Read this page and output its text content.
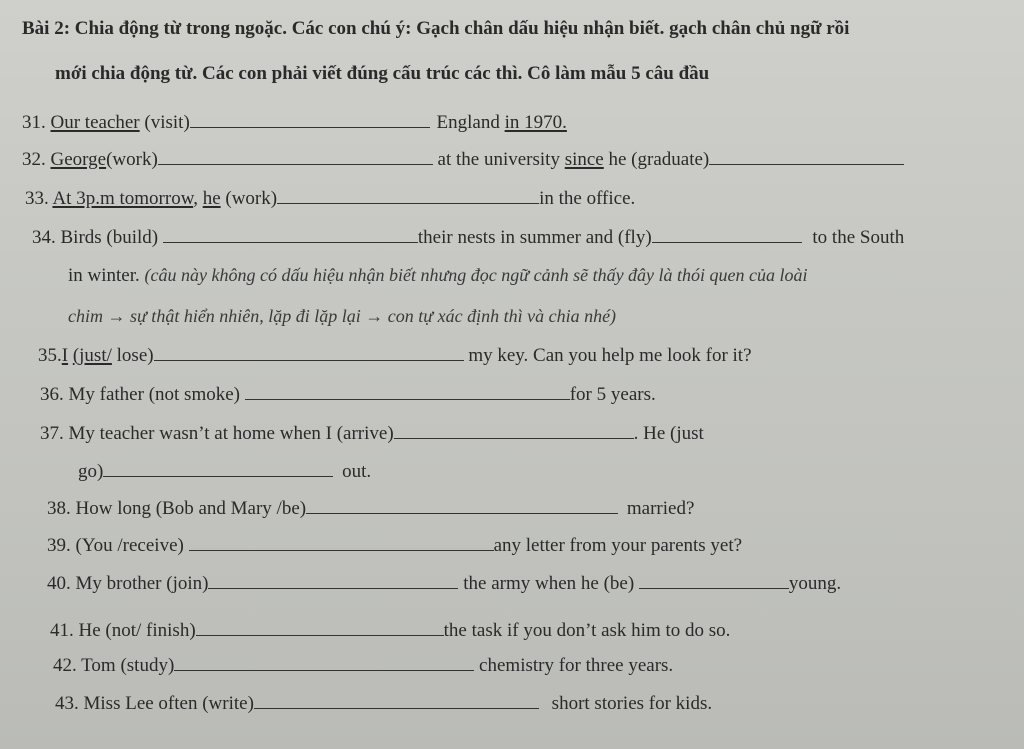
Bài 2: Chia động từ trong ngoặc. Các con chú ý: Gạch chân dấu hiệu nhận biết. gạch chân chủ ngữ rồi
mới chia động từ. Các con phải viết đúng cấu trúc các thì. Cô làm mẫu 5 câu đầu
31. Our teacher (visit)	England in 1970.
32. George(work)	at the university since he (graduate)
33. At 3p.m tomorrow, he (work)	in the office.
34. Birds (build)	their nests in summer and (fly)	to the South
in winter. (câu này không có dấu hiệu nhận biết nhưng đọc ngữ cảnh sẽ thấy đây là thói quen của loài
chim → sự thật hiển nhiên, lặp đi lặp lại → con tự xác định thì và chia nhé)
35.I (just/ lose)	my key. Can you help me look for it?
36. My father (not smoke)	for 5 years.
37. My teacher wasn’t at home when I (arrive)	. He (just
go)	out.
38. How long (Bob and Mary /be)	married?
39. (You /receive)	any letter from your parents yet?
40. My brother (join)	the army when he (be)	young.
41. He (not/ finish)	the task if you don’t ask him to do so.
42. Tom (study)	chemistry for three years.
43. Miss Lee often (write)	short stories for kids.
